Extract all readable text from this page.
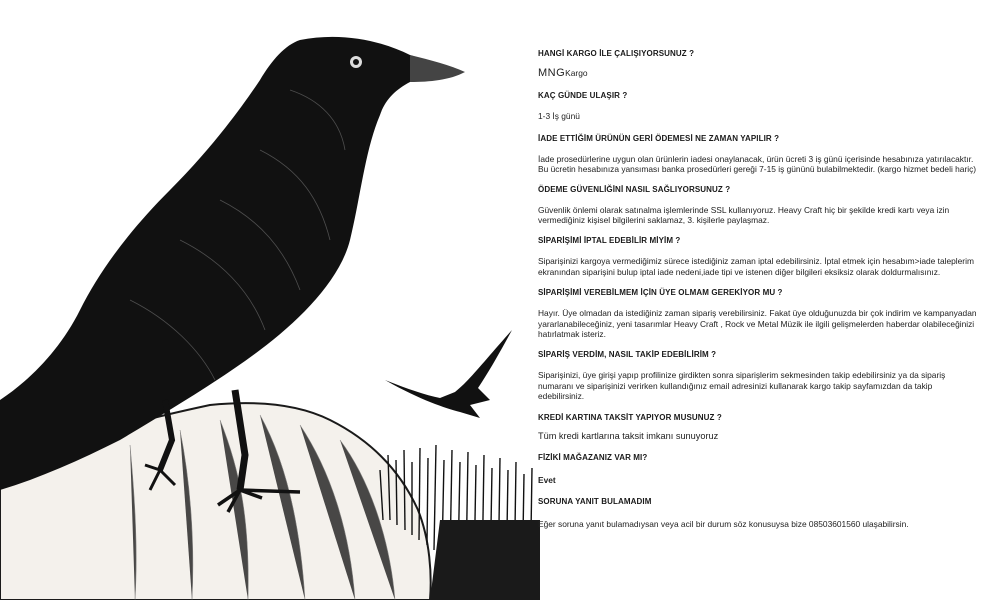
HANGİ KARGO İLE ÇALIŞIYORSUNUZ ?

MNGKargo

KAÇ GÜNDE ULAŞIR ?

1-3 İş günü

İADE ETTİĞİM ÜRÜNÜN GERİ ÖDEMESİ NE ZAMAN YAPILIR ?

İade prosedürlerine uygun olan ürünlerin iadesi onaylanacak, ürün ücreti 3 iş günü içerisinde hesabınıza yatırılacaktır. Bu ücretin hesabınıza yansıması banka prosedürleri gereği 7-15 iş gününü bulabilmektedir. (kargo hizmet bedeli hariç)

ÖDEME GÜVENLİĞİNİ NASIL SAĞLIYORSUNUZ ?

Güvenlik önlemi olarak satınalma işlemlerinde SSL kullanıyoruz. Heavy Craft hiç bir şekilde kredi kartı veya izin vermediğiniz kişisel bilgilerini saklamaz, 3. kişilerle paylaşmaz.

SİPARİŞİMİ İPTAL EDEBİLİR MİYİM ?

Siparişinizi kargoya vermediğimiz sürece istediğiniz zaman iptal edebilirsiniz. İptal etmek için hesabım>iade taleplerim ekranından siparişini bulup iptal iade nedeni,iade tipi ve istenen diğer bilgileri eksiksiz olarak doldurmalısınız.

SİPARİŞİMİ VEREBİLMEM İÇİN ÜYE OLMAM GEREKİYOR MU ?

Hayır. Üye olmadan da istediğiniz zaman sipariş verebilirsiniz. Fakat üye olduğunuzda bir çok indirim ve kampanyadan yararlanabileceğiniz, yeni tasarımlar Heavy Craft , Rock ve Metal Müzik ile ilgili gelişmelerden haberdar olabileceğinizi hatırlatmak isteriz.

SİPARİŞ VERDİM, NASIL TAKİP EDEBİLİRİM ?

Siparişinizi, üye girişi yapıp profilinize girdikten sonra siparişlerim sekmesinden takip edebilirsiniz ya da sipariş numaranı ve siparişinizi verirken kullandığınız email adresinizi kullanarak kargo takip sayfamızdan da takip edebilirsiniz.

KREDİ KARTINA TAKSİT YAPIYOR MUSUNUZ ?

Tüm kredi kartlarına taksit imkanı sunuyoruz

FİZİKİ MAĞAZANIZ VAR MI?

Evet

SORUNA YANIT BULAMADIM

Eğer soruna yanıt bulamadıysan veya acil bir durum söz konusuysa bize 08503601560 ulaşabilirsin.
